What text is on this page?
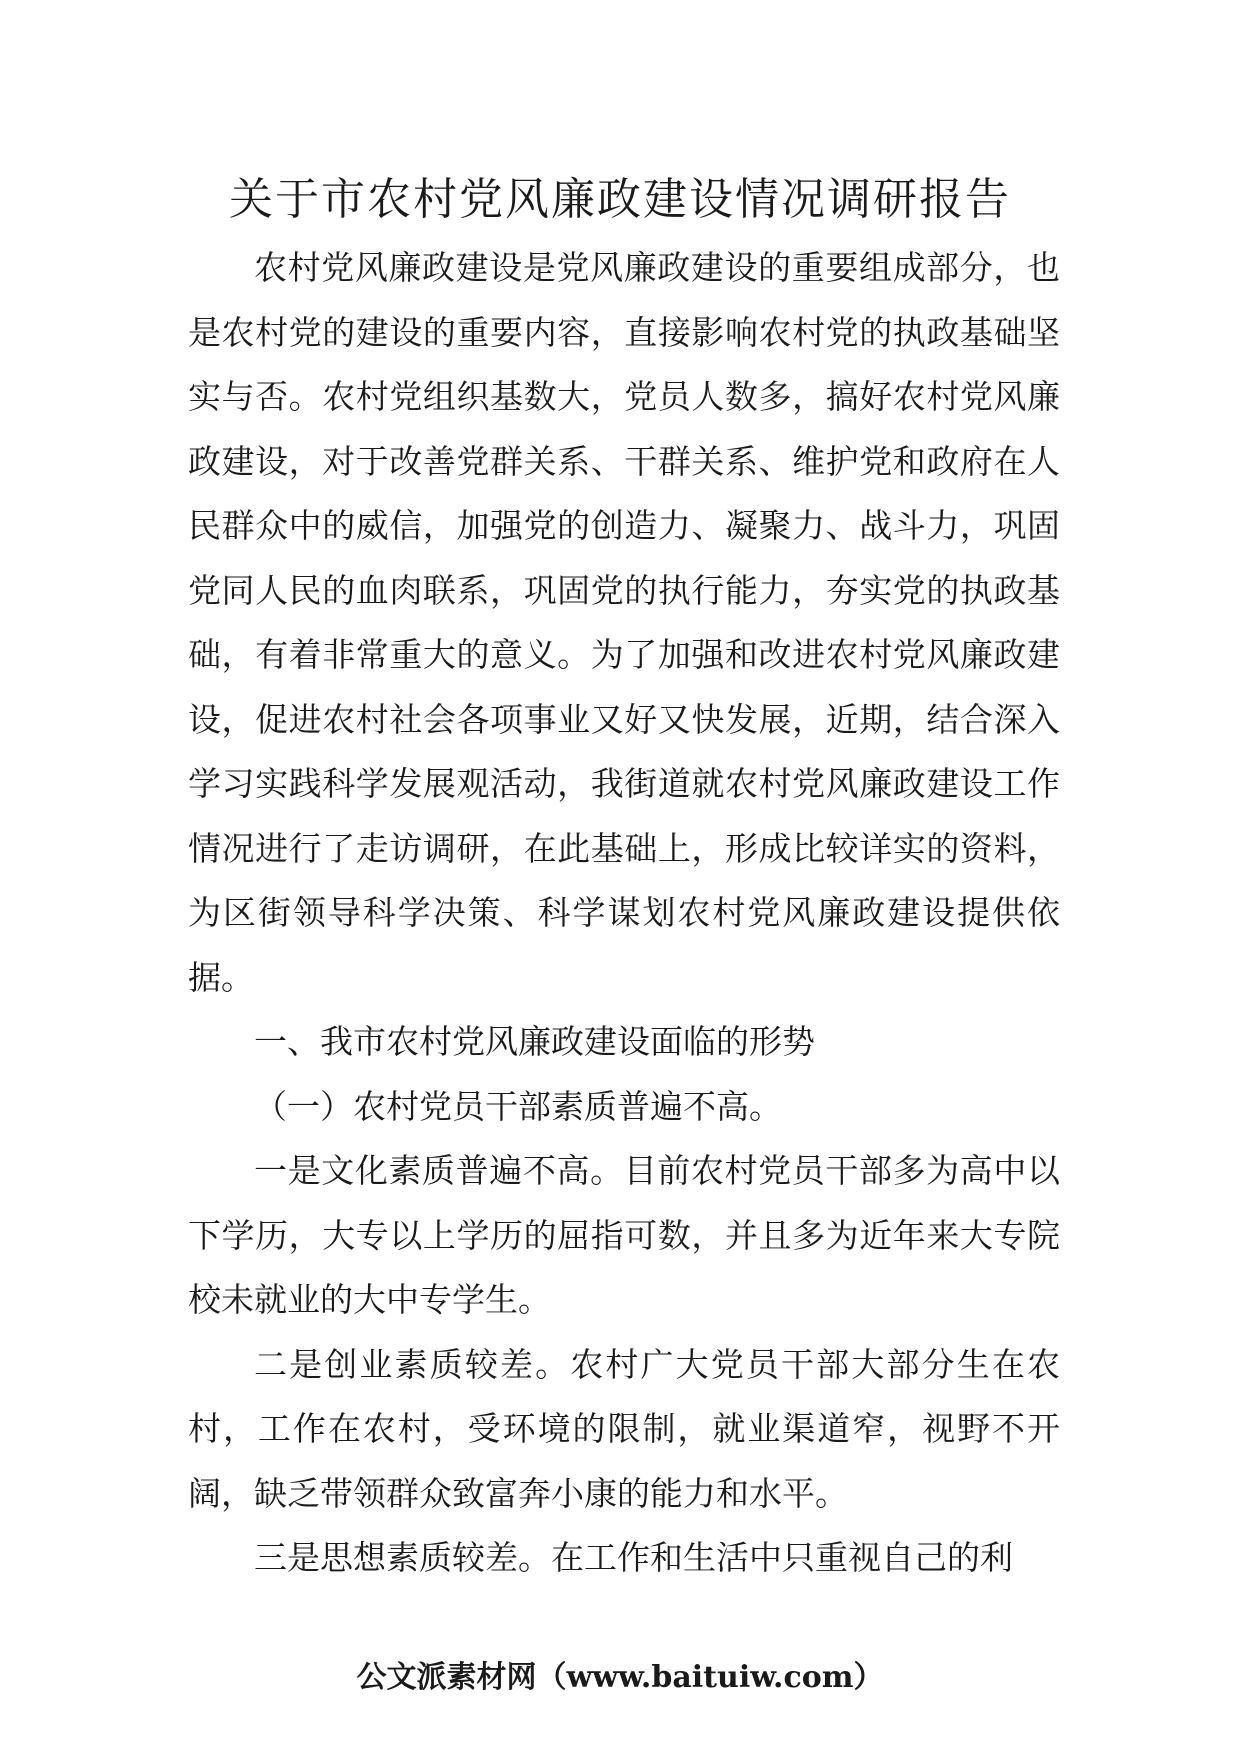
关于市农村党风廉政建设情况调研报告

农村党风廉政建设是党风廉政建设的重要组成部分，也是农村党的建设的重要内容，直接影响农村党的执政基础坚实与否。农村党组织基数大，党员人数多，搞好农村党风廉政建设，对于改善党群关系、干群关系、维护党和政府在人民群众中的威信，加强党的创造力、凝聚力、战斗力，巩固党同人民的血肉联系，巩固党的执行能力，夯实党的执政基础，有着非常重大的意义。为了加强和改进农村党风廉政建设，促进农村社会各项事业又好又快发展，近期，结合深入学习实践科学发展观活动，我街道就农村党风廉政建设工作情况进行了走访调研，在此基础上，形成比较详实的资料，为区街领导科学决策、科学谋划农村党风廉政建设提供依据。

一、我市农村党风廉政建设面临的形势

（一）农村党员干部素质普遍不高。

一是文化素质普遍不高。目前农村党员干部多为高中以下学历，大专以上学历的屈指可数，并且多为近年来大专院校未就业的大中专学生。

二是创业素质较差。农村广大党员干部大部分生在农村，工作在农村，受环境的限制，就业渠道窄，视野不开阔，缺乏带领群众致富奔小康的能力和水平。

三是思想素质较差。在工作和生活中只重视自己的利

公文派素材网（www.baituiw.com）
